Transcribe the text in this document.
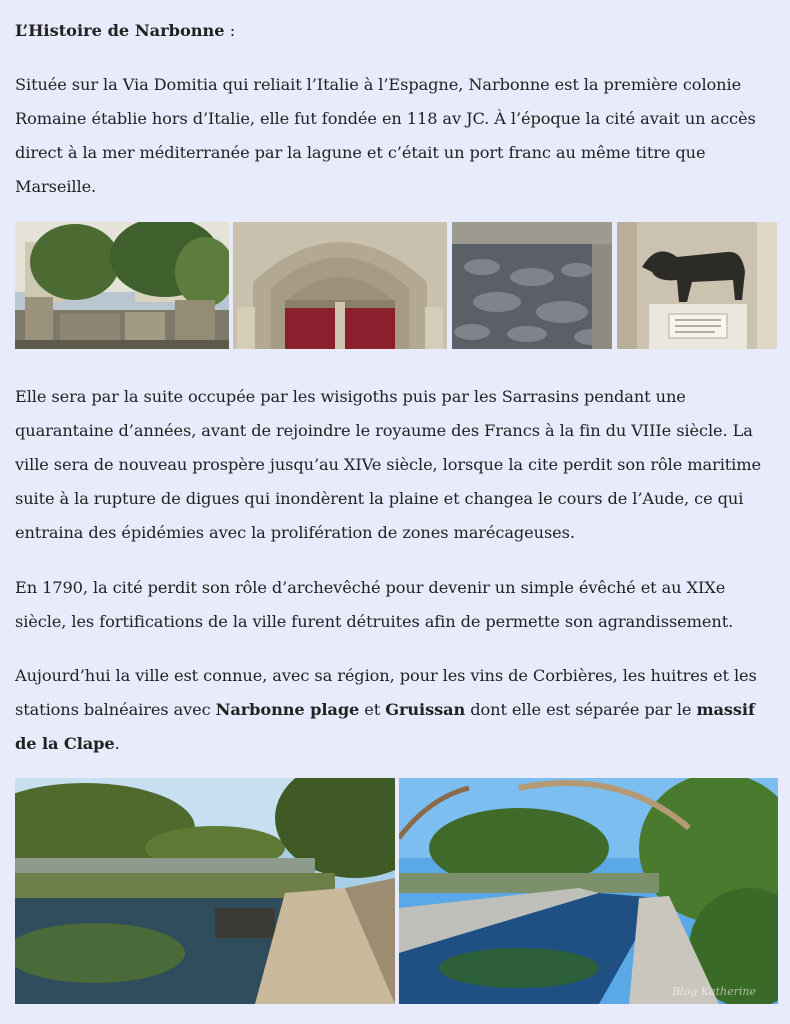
L’Histoire de Narbonne :

Située sur la Via Domitia qui reliait l’Italie à l’Espagne, Narbonne est la première colonie Romaine établie hors d’Italie, elle fut fondée en 118 av JC. À l’époque la cité avait un accès direct à la mer méditerranée par la lagune et c’était un port franc au même titre que Marseille.

Elle sera par la suite occupée par les wisigoths puis par les Sarrasins pendant une quarantaine d’années, avant de rejoindre le royaume des Francs à la fin du VIIIe siècle. La ville sera de nouveau prospère jusqu’au XIVe siècle, lorsque la cite perdit son rôle maritime suite à la rupture de digues qui inondèrent la plaine et changea le cours de l’Aude, ce qui entraina des épidémies avec la prolifération de zones marécageuses.

En 1790, la cité perdit son rôle d’archevêché pour devenir un simple évêché et au XIXe siècle, les fortifications de la ville furent détruites afin de permette son agrandissement.

Aujourd’hui la ville est connue, avec sa région, pour les vins de Corbières, les huitres et les stations balnéaires avec Narbonne plage et Gruissan dont elle est séparée par le massif de la Clape.

Blog Katherine
